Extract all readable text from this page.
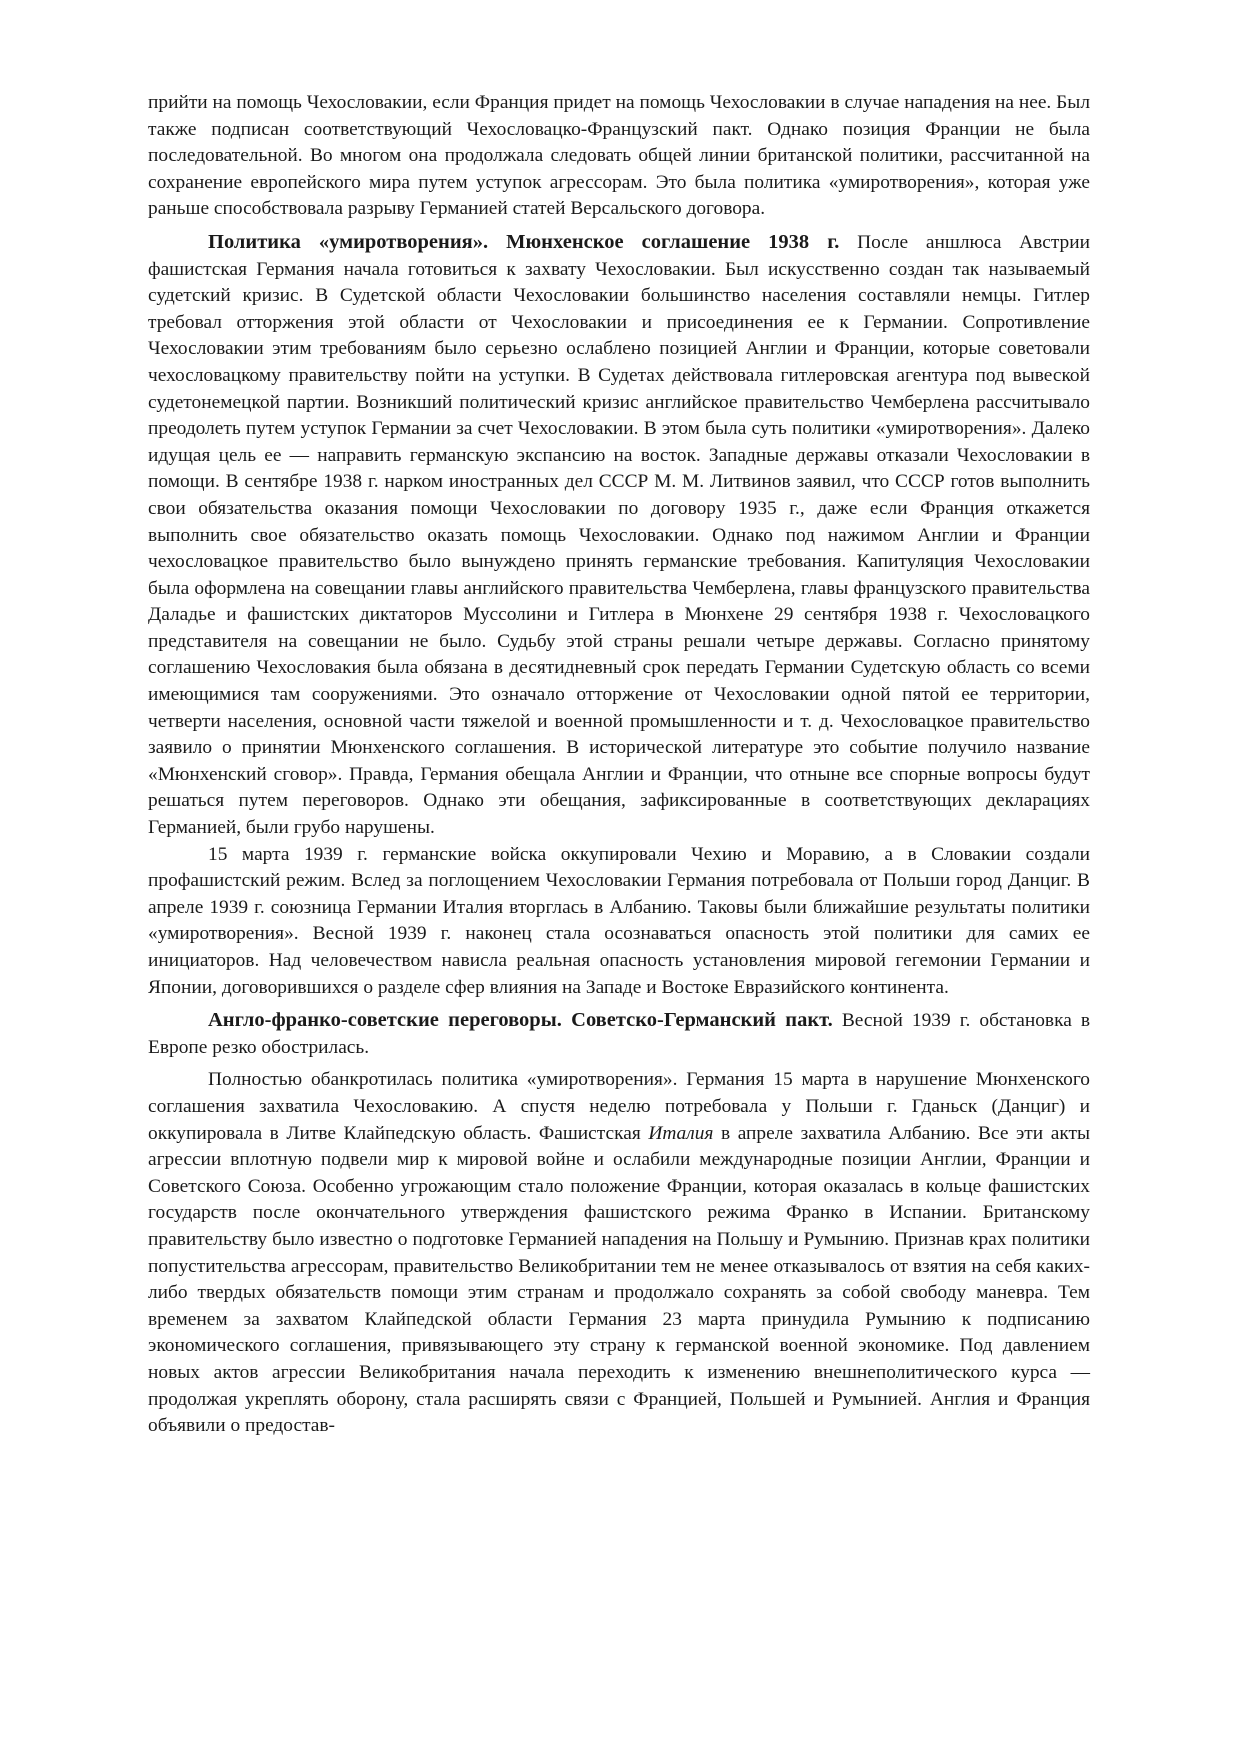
прийти на помощь Чехословакии, если Франция придет на помощь Чехословакии в случае нападения на нее. Был также подписан соответствующий Чехословацко-Французский пакт. Однако позиция Франции не была последовательной. Во многом она продолжала следовать общей линии британской политики, рассчитанной на сохранение европейского мира путем уступок агрессорам. Это была политика «умиротворения», которая уже раньше способствовала разрыву Германией статей Версальского договора.

Политика «умиротворения». Мюнхенское соглашение 1938 г. После аншлюса Австрии фашистская Германия начала готовиться к захвату Чехословакии. Был искусственно создан так называемый судетский кризис. В Судетской области Чехословакии большинство населения составляли немцы. Гитлер требовал отторжения этой области от Чехословакии и присоединения ее к Германии. Сопротивление Чехословакии этим требованиям было серьезно ослаблено позицией Англии и Франции, которые советовали чехословацкому правительству пойти на уступки. В Судетах действовала гитлеровская агентура под вывеской судетонемецкой партии. Возникший политический кризис английское правительство Чемберлена рассчитывало преодолеть путем уступок Германии за счет Чехословакии. В этом была суть политики «умиротворения». Далеко идущая цель ее — направить германскую экспансию на восток. Западные державы отказали Чехословакии в помощи. В сентябре 1938 г. нарком иностранных дел СССР М. М. Литвинов заявил, что СССР готов выполнить свои обязательства оказания помощи Чехословакии по договору 1935 г., даже если Франция откажется выполнить свое обязательство оказать помощь Чехословакии. Однако под нажимом Англии и Франции чехословацкое правительство было вынуждено принять германские требования. Капитуляция Чехословакии была оформлена на совещании главы английского правительства Чемберлена, главы французского правительства Даладье и фашистских диктаторов Муссолини и Гитлера в Мюнхене 29 сентября 1938 г. Чехословацкого представителя на совещании не было. Судьбу этой страны решали четыре державы. Согласно принятому соглашению Чехословакия была обязана в десятидневный срок передать Германии Судетскую область со всеми имеющимися там сооружениями. Это означало отторжение от Чехословакии одной пятой ее территории, четверти населения, основной части тяжелой и военной промышленности и т. д. Чехословацкое правительство заявило о принятии Мюнхенского соглашения. В исторической литературе это событие получило название «Мюнхенский сговор». Правда, Германия обещала Англии и Франции, что отныне все спорные вопросы будут решаться путем переговоров. Однако эти обещания, зафиксированные в соответствующих декларациях Германией, были грубо нарушены.

15 марта 1939 г. германские войска оккупировали Чехию и Моравию, а в Словакии создали профашистский режим. Вслед за поглощением Чехословакии Германия потребовала от Польши город Данциг. В апреле 1939 г. союзница Германии Италия вторглась в Албанию. Таковы были ближайшие результаты политики «умиротворения». Весной 1939 г. наконец стала осознаваться опасность этой политики для самих ее инициаторов. Над человечеством нависла реальная опасность установления мировой гегемонии Германии и Японии, договорившихся о разделе сфер влияния на Западе и Востоке Евразийского континента.

Англо-франко-советские переговоры. Советско-Германский пакт. Весной 1939 г. обстановка в Европе резко обострилась.

Полностью обанкротилась политика «умиротворения». Германия 15 марта в нарушение Мюнхенского соглашения захватила Чехословакию. А спустя неделю потребовала у Польши г. Гданьск (Данциг) и оккупировала в Литве Клайпедскую область. Фашистская Италия в апреле захватила Албанию. Все эти акты агрессии вплотную подвели мир к мировой войне и ослабили международные позиции Англии, Франции и Советского Союза. Особенно угрожающим стало положение Франции, которая оказалась в кольце фашистских государств после окончательного утверждения фашистского режима Франко в Испании. Британскому правительству было известно о подготовке Германией нападения на Польшу и Румынию. Признав крах политики попустительства агрессорам, правительство Великобритании тем не менее отказывалось от взятия на себя каких-либо твердых обязательств помощи этим странам и продолжало сохранять за собой свободу маневра. Тем временем за захватом Клайпедской области Германия 23 марта принудила Румынию к подписанию экономического соглашения, привязывающего эту страну к германской военной экономике. Под давлением новых актов агрессии Великобритания начала переходить к изменению внешнеполитического курса — продолжая укреплять оборону, стала расширять связи с Францией, Польшей и Румынией. Англия и Франция объявили о предостав-
